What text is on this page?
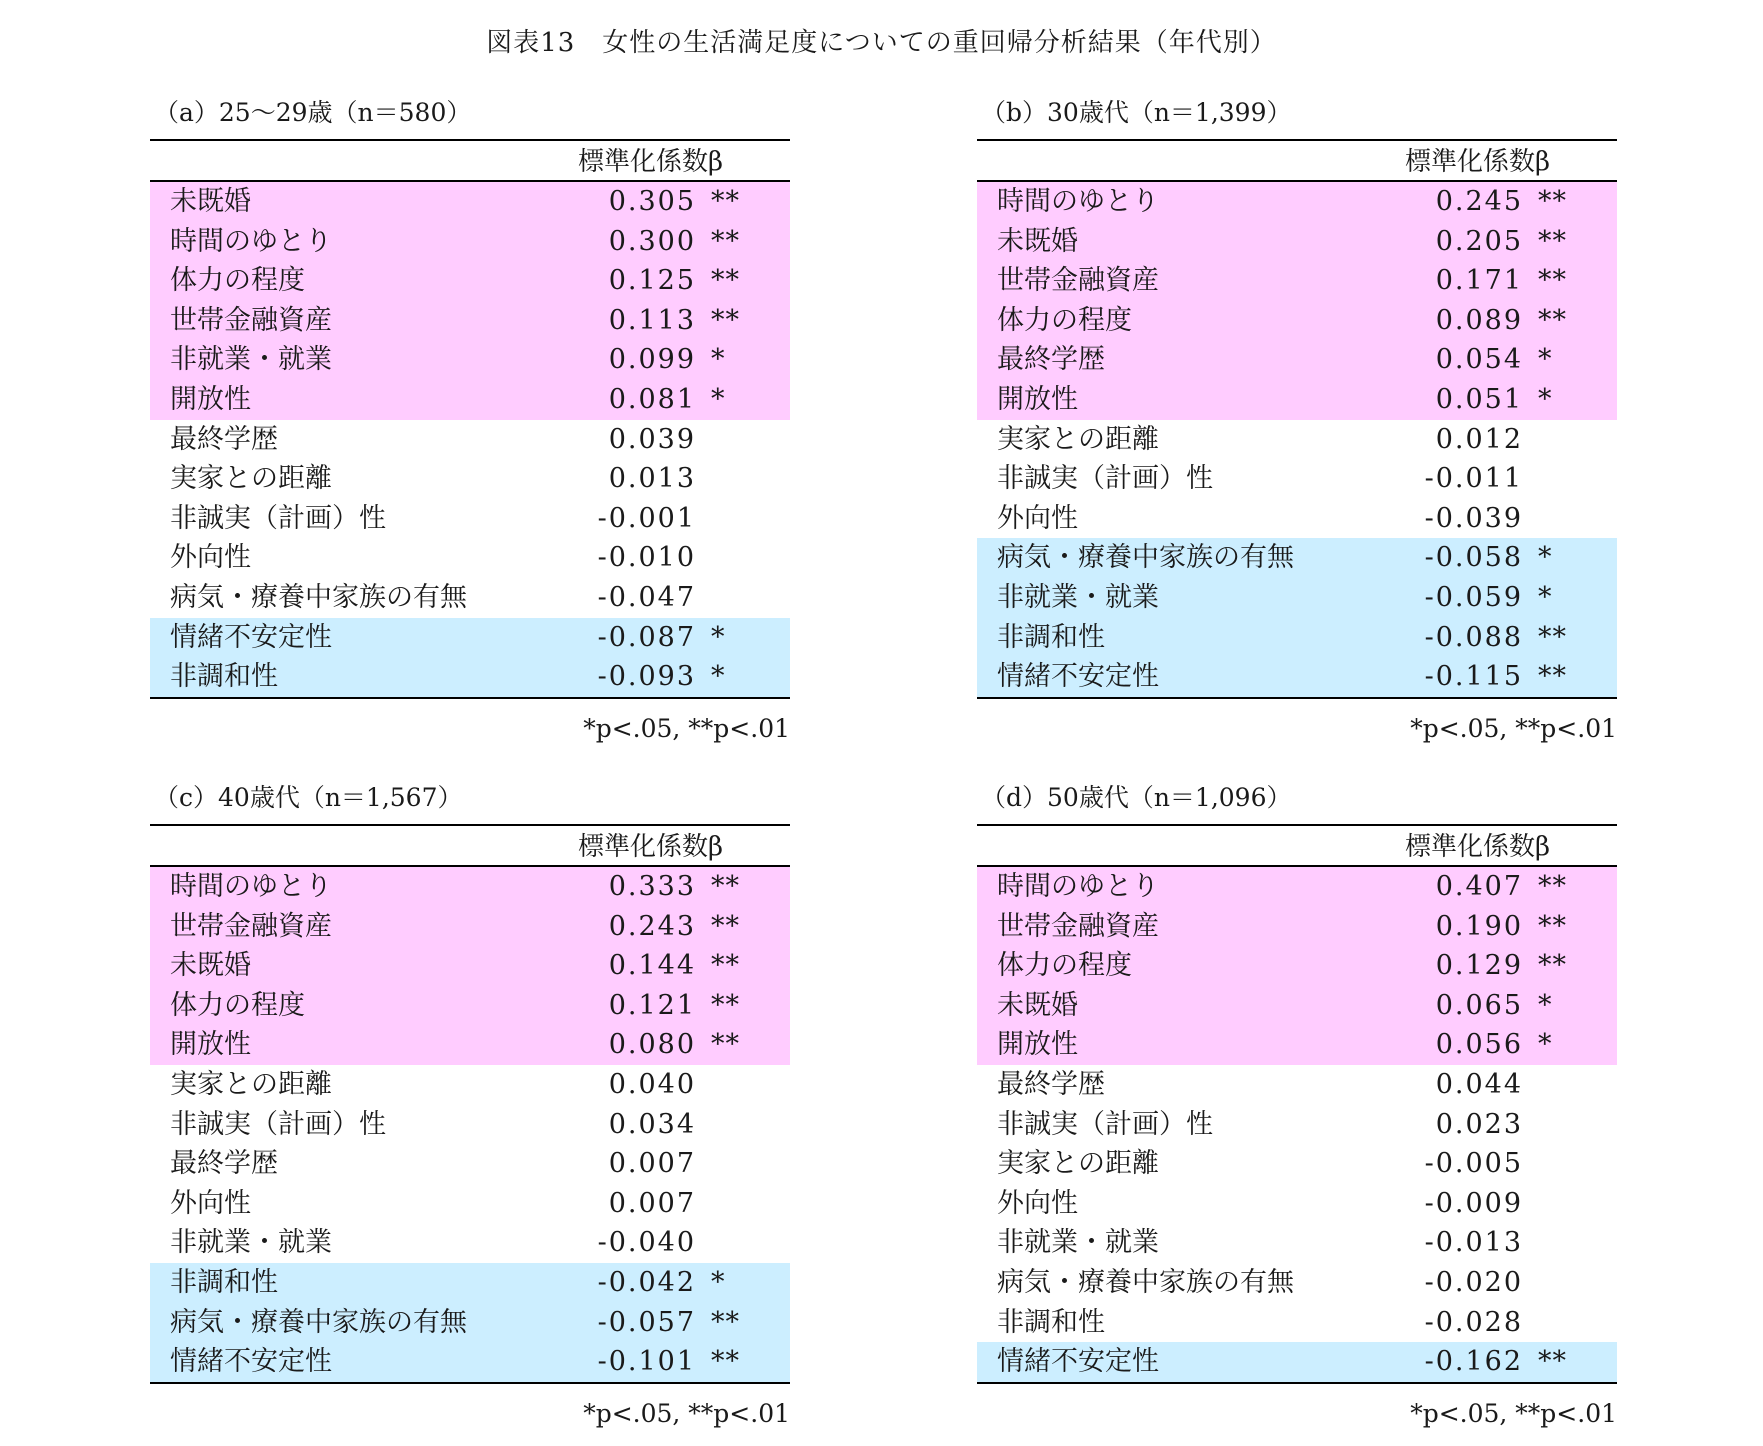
図表13　女性の生活満足度についての重回帰分析結果（年代別）
（a）25～29歳（n＝580）
標準化係数β
未既婚	0.305 **
時間のゆとり	0.300 **
体力の程度	0.125 **
世帯金融資産	0.113 **
非就業・就業	0.099 *
開放性	0.081 *
最終学歴	0.039
実家との距離	0.013
非誠実（計画）性	-0.001
外向性	-0.010
病気・療養中家族の有無	-0.047
情緒不安定性	-0.087 *
非調和性	-0.093 *
*p<.05, **p<.01
（b）30歳代（n＝1,399）
標準化係数β
時間のゆとり	0.245 **
未既婚	0.205 **
世帯金融資産	0.171 **
体力の程度	0.089 **
最終学歴	0.054 *
開放性	0.051 *
実家との距離	0.012
非誠実（計画）性	-0.011
外向性	-0.039
病気・療養中家族の有無	-0.058 *
非就業・就業	-0.059 *
非調和性	-0.088 **
情緒不安定性	-0.115 **
*p<.05, **p<.01
（c）40歳代（n＝1,567）
標準化係数β
時間のゆとり	0.333 **
世帯金融資産	0.243 **
未既婚	0.144 **
体力の程度	0.121 **
開放性	0.080 **
実家との距離	0.040
非誠実（計画）性	0.034
最終学歴	0.007
外向性	0.007
非就業・就業	-0.040
非調和性	-0.042 *
病気・療養中家族の有無	-0.057 **
情緒不安定性	-0.101 **
*p<.05, **p<.01
（d）50歳代（n＝1,096）
標準化係数β
時間のゆとり	0.407 **
世帯金融資産	0.190 **
体力の程度	0.129 **
未既婚	0.065 *
開放性	0.056 *
最終学歴	0.044
非誠実（計画）性	0.023
実家との距離	-0.005
外向性	-0.009
非就業・就業	-0.013
病気・療養中家族の有無	-0.020
非調和性	-0.028
情緒不安定性	-0.162 **
*p<.05, **p<.01
